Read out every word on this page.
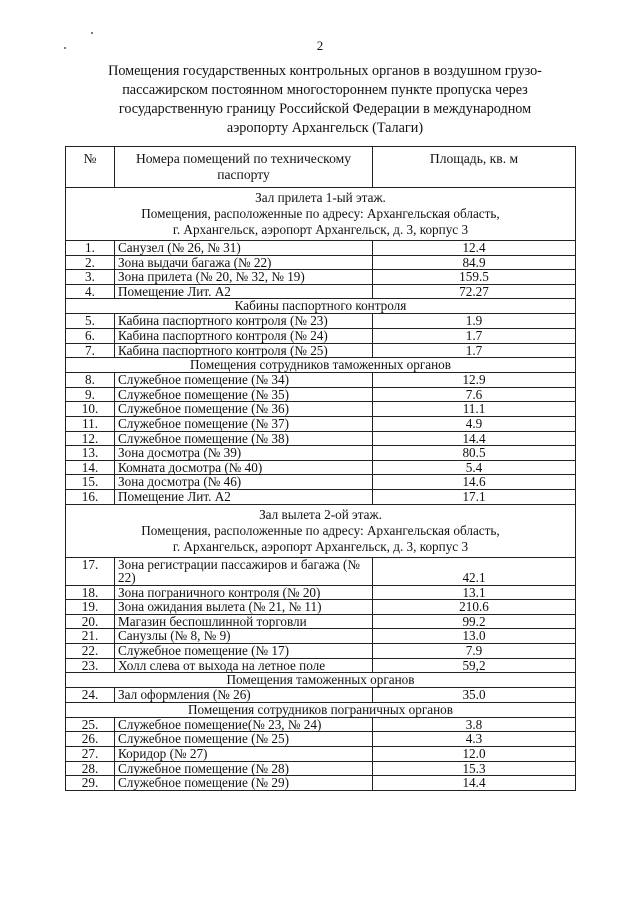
2
Помещения государственных контрольных органов в воздушном грузо-
пассажирском постоянном многостороннем пункте пропуска через
государственную границу Российской Федерации в международном
аэропорту Архангельск (Талаги)
№	Номера помещений по техническому паспорту	Площадь, кв. м

Зал прилета 1-ый этаж.
Помещения, расположенные по адресу: Архангельская область,
г. Архангельск, аэропорт Архангельск, д. 3, корпус 3		

1.	Санузел (№ 26, № 31)	12.4
2.	Зона выдачи багажа (№ 22)	84.9
3.	Зона прилета (№ 20, № 32, № 19)	159.5
4.	Помещение Лит. А2	72.27
Кабины паспортного контроля		
5.	Кабина паспортного контроля (№ 23)	1.9
6.	Кабина паспортного контроля (№ 24)	1.7
7.	Кабина паспортного контроля (№ 25)	1.7
Помещения сотрудников таможенных органов		
8.	Служебное помещение (№ 34)	12.9
9.	Служебное помещение (№ 35)	7.6
10.	Служебное помещение (№ 36)	11.1
11.	Служебное помещение (№ 37)	4.9
12.	Служебное помещение (№ 38)	14.4
13.	Зона досмотра (№ 39)	80.5
14.	Комната досмотра (№ 40)	5.4
15.	Зона досмотра (№ 46)	14.6
16.	Помещение Лит. А2	17.1

Зал вылета 2-ой этаж.
Помещения, расположенные по адресу: Архангельская область,
г. Архангельск, аэропорт Архангельск, д. 3, корпус 3		

17.	Зона регистрации пассажиров и багажа (№ 22)	42.1
18.	Зона пограничного контроля (№ 20)	13.1
19.	Зона ожидания вылета (№ 21, № 11)	210.6
20.	Магазин беспошлинной торговли	99.2
21.	Санузлы (№ 8, № 9)	13.0
22.	Служебное помещение (№ 17)	7.9
23.	Холл слева от выхода на летное поле	59,2
Помещения таможенных органов		
24.	Зал оформления (№ 26)	35.0
Помещения сотрудников пограничных органов		
25.	Служебное помещение(№ 23, № 24)	3.8
26.	Служебное помещение (№ 25)	4.3
27.	Коридор (№ 27)	12.0
28.	Служебное помещение (№ 28)	15.3
29.	Служебное помещение (№ 29)	14.4
